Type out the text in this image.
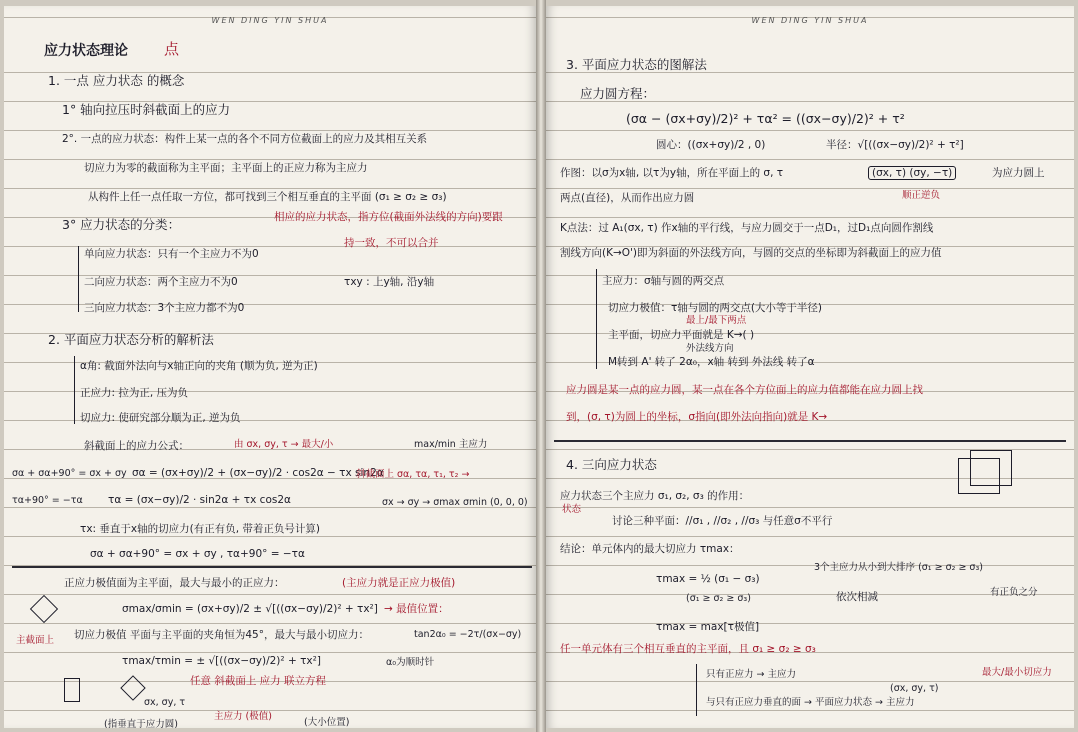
WEN DING YIN SHUA
应力状态理论 点
1. 一点 应力状态 的概念
1° 轴向拉压时斜截面上的应力
2°. 一点的应力状态：构件上某一点的各个不同方位截面上的应力及其相互关系
切应力为零的截面称为主平面；主平面上的正应力称为主应力
从构件上任一点任取一方位，都可找到三个相互垂直的主平面 (σ₁ ≥ σ₂ ≥ σ₃)
相应的应力状态，指方位(截面外法线的方向)要跟
持一致，不可以合并
3° 应力状态的分类：
单向应力状态：只有一个主应力不为0
二向应力状态：两个主应力不为0	τxy : 上y轴, 沿y轴
三向应力状态：3个主应力都不为0
2. 平面应力状态分析的解析法
α角: 截面外法向与x轴正向的夹角 (顺为负, 逆为正)
正应力: 拉为正, 压为负
切应力: 使研究部分顺为正, 逆为负
斜截面上的应力公式：	由 σx, σy, τ → 最大/小	max/min 主应力
σα + σα+90° = σx + σy σα = (σx+σy)/2 + (σx−σy)/2 · cos2α − τx sin2α
斜截面上 σα, τα, τ₁, τ₂ →
τα+90° = −τα τα = (σx−σy)/2 · sin2α + τx cos2α	σx → σy → σmax σmin (0, 0, 0)
τx: 垂直于x轴的切应力(有正有负, 带着正负号计算)
σα + σα+90° = σx + σy , τα+90° = −τα
正应力极值面为主平面，最大与最小的正应力：	(主应力就是正应力极值)
σmax/σmin = (σx+σy)/2 ± √[((σx−σy)/2)² + τx²] → 最值位置：
主截面上 切应力极值 平面与主平面的夹角恒为45°，最大与最小切应力：	tan2α₀ = −2τ/(σx−σy)
τmax/τmin = ± √[((σx−σy)/2)² + τx²]	α₀为顺时针
任意 斜截面上 应力 联立方程
σx, σy, τ
(指垂直于应力圆)
主应力 (极值)
(大小位置)
WEN DING YIN SHUA
3. 平面应力状态的图解法
应力圆方程：
(σα − (σx+σy)/2)² + τα² = ((σx−σy)/2)² + τ²
圆心：((σx+σy)/2 , 0)	半径：√[((σx−σy)/2)² + τ²]
作图：以σ为x轴, 以τ为y轴，所在平面上的 σ, τ	(σx, τ) (σy, −τ)	为应力圆上
两点(直径)，从而作出应力圆	顺正逆负
K点法：过 A₁(σx, τ) 作x轴的平行线，与应力圆交于一点D₁，过D₁点向圆作割线
割线方向(K→O')即为斜面的外法线方向，与圆的交点的坐标即为斜截面上的应力值
主应力：σ轴与圆的两交点
切应力极值：τ轴与圆的两交点(大小等于半径)
最上/最下两点
主平面，切应力平面就是 K→( )
外法线方向
M转到 A' 转了 2α₀，x轴 转到 外法线 转了α
应力圆是某一点的应力圆，某一点在各个方位面上的应力值都能在应力圆上找
到，(σ, τ)为圆上的坐标，σ指向(即外法向指向)就是 K→
4. 三向应力状态
应力状态三个主应力 σ₁, σ₂, σ₃ 的作用：
状态
讨论三种平面：//σ₁ , //σ₂ , //σ₃ 与任意σ不平行
结论：单元体内的最大切应力 τmax：
τmax = ½ (σ₁ − σ₃)
3个主应力从小到大排序 (σ₁ ≥ σ₂ ≥ σ₃)
(σ₁ ≥ σ₂ ≥ σ₃)	依次相减	有正负之分
τmax = max[τ极值]
任一单元体有三个相互垂直的主平面，且 σ₁ ≥ σ₂ ≥ σ₃
只有正应力 → 主应力
(σx, σy, τ)
与只有正应力垂直的面 → 平面应力状态 → 主应力
最大/最小切应力
